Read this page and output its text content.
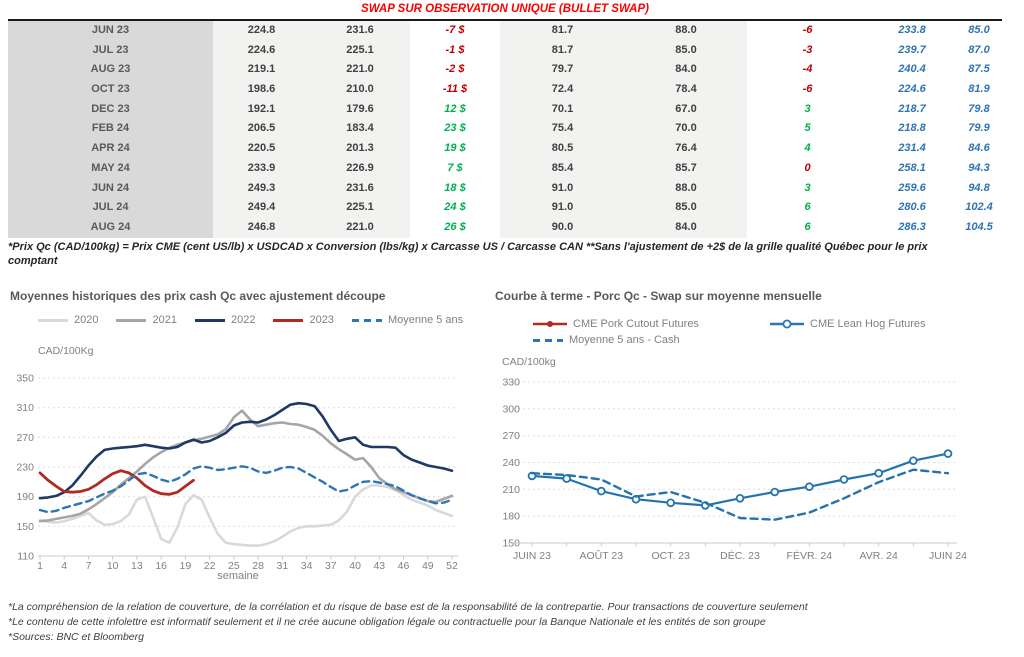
SWAP SUR OBSERVATION UNIQUE (BULLET SWAP)
JUN 23	224.8	231.6	-7 $	81.7	88.0	-6	233.8	85.0
JUL 23	224.6	225.1	-1 $	81.7	85.0	-3	239.7	87.0
AUG 23	219.1	221.0	-2 $	79.7	84.0	-4	240.4	87.5
OCT 23	198.6	210.0	-11 $	72.4	78.4	-6	224.6	81.9
DEC 23	192.1	179.6	12 $	70.1	67.0	3	218.7	79.8
FEB 24	206.5	183.4	23 $	75.4	70.0	5	218.8	79.9
APR 24	220.5	201.3	19 $	80.5	76.4	4	231.4	84.6
MAY 24	233.9	226.9	7 $	85.4	85.7	0	258.1	94.3
JUN 24	249.3	231.6	18 $	91.0	88.0	3	259.6	94.8
JUL 24	249.4	225.1	24 $	91.0	85.0	6	280.6	102.4
AUG 24	246.8	221.0	26 $	90.0	84.0	6	286.3	104.5
*Prix Qc (CAD/100kg) = Prix CME (cent US/lb) x USDCAD x Conversion (lbs/kg) x Carcasse US / Carcasse CAN **Sans l'ajustement de +2$ de la grille qualité Québec pour le prix comptant
Moyennes historiques des prix cash Qc avec ajustement découpe
2020	2021	2022	2023	Moyenne 5 ans
CAD/100Kg
110
150
190
230
270
310
350
1 4 7 10 13 16 19 22 25 28 31 34 37 40 43 46 49 52
semaine
Courbe à terme - Porc Qc - Swap sur moyenne mensuelle
CME Pork Cutout Futures	CME Lean Hog Futures
Moyenne 5 ans - Cash
CAD/100kg
150
180
210
240
270
300
330
JUIN 23	AOÛT 23	OCT. 23	DÉC. 23	FÉVR. 24	AVR. 24	JUIN 24
*La compréhension de la relation de couverture, de la corrélation et du risque de base est de la responsabilité de la contrepartie. Pour transactions de couverture seulement
*Le contenu de cette infolettre est informatif seulement et il ne crée aucune obligation légale ou contractuelle pour la Banque Nationale et les entités de son groupe
*Sources: BNC et Bloomberg
